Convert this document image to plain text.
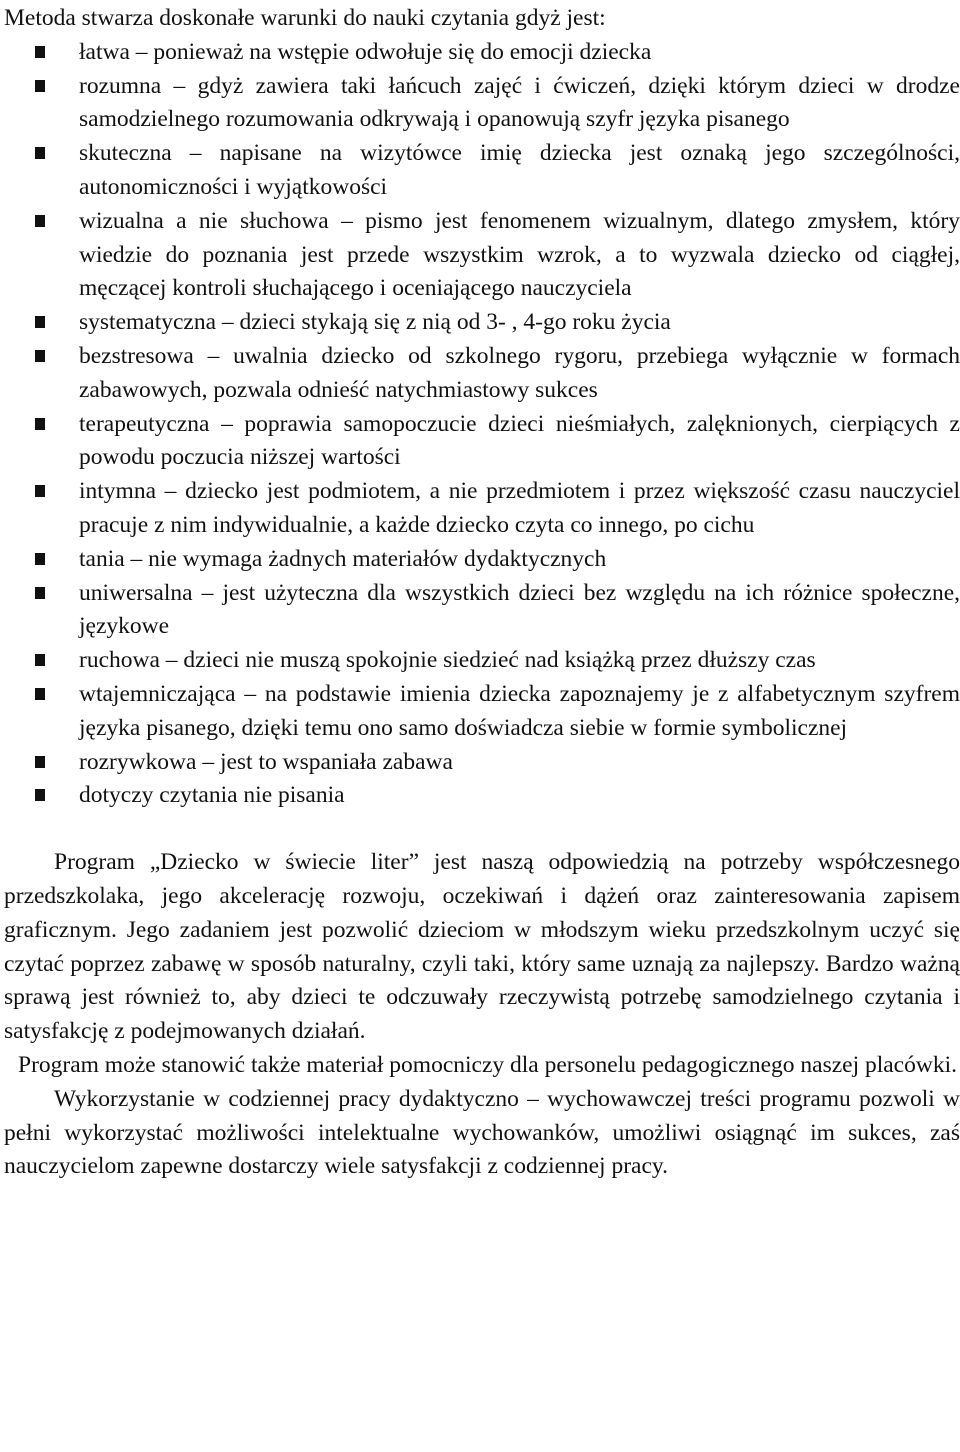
Metoda stwarza doskonałe warunki do nauki czytania gdyż jest:

łatwa – ponieważ na wstępie odwołuje się do emocji dziecka
rozumna – gdyż zawiera taki łańcuch zajęć i ćwiczeń, dzięki którym dzieci w drodze samodzielnego rozumowania odkrywają i opanowują szyfr języka pisanego
skuteczna – napisane na wizytówce imię dziecka jest oznaką jego szczególności, autonomiczności i wyjątkowości
wizualna a nie słuchowa – pismo jest fenomenem wizualnym, dlatego zmysłem, który wiedzie do poznania jest przede wszystkim wzrok, a to wyzwala dziecko od ciągłej, męczącej kontroli słuchającego i oceniającego nauczyciela
systematyczna – dzieci stykają się z nią od 3- , 4-go roku życia
bezstresowa – uwalnia dziecko od szkolnego rygoru, przebiega wyłącznie w formach zabawowych, pozwala odnieść natychmiastowy sukces
terapeutyczna – poprawia samopoczucie dzieci nieśmiałych, zalęknionych, cierpiących z powodu poczucia niższej wartości
intymna – dziecko jest podmiotem, a nie przedmiotem i przez większość czasu nauczyciel pracuje z nim indywidualnie, a każde dziecko czyta co innego, po cichu
tania – nie wymaga żadnych materiałów dydaktycznych
uniwersalna – jest użyteczna dla wszystkich dzieci bez względu na ich różnice społeczne, językowe
ruchowa – dzieci nie muszą spokojnie siedzieć nad książką przez dłuższy czas
wtajemniczająca – na podstawie imienia dziecka zapoznajemy je z alfabetycznym szyfrem języka pisanego, dzięki temu ono samo doświadcza siebie w formie symbolicznej
rozrywkowa – jest to wspaniała zabawa
dotyczy czytania nie pisania

Program „Dziecko w świecie liter” jest naszą odpowiedzią na potrzeby współczesnego przedszkolaka, jego akcelerację rozwoju, oczekiwań i dążeń oraz zainteresowania zapisem graficznym. Jego zadaniem jest pozwolić dzieciom w młodszym wieku przedszkolnym uczyć się czytać poprzez zabawę w sposób naturalny, czyli taki, który same uznają za najlepszy. Bardzo ważną sprawą jest również to, aby dzieci te odczuwały rzeczywistą potrzebę samodzielnego czytania i satysfakcję z podejmowanych działań.

Program może stanowić także materiał pomocniczy dla personelu pedagogicznego naszej placówki.

Wykorzystanie w codziennej pracy dydaktyczno – wychowawczej treści programu pozwoli w pełni wykorzystać możliwości intelektualne wychowanków, umożliwi osiągnąć im sukces, zaś nauczycielom zapewne dostarczy wiele satysfakcji z codziennej pracy.
